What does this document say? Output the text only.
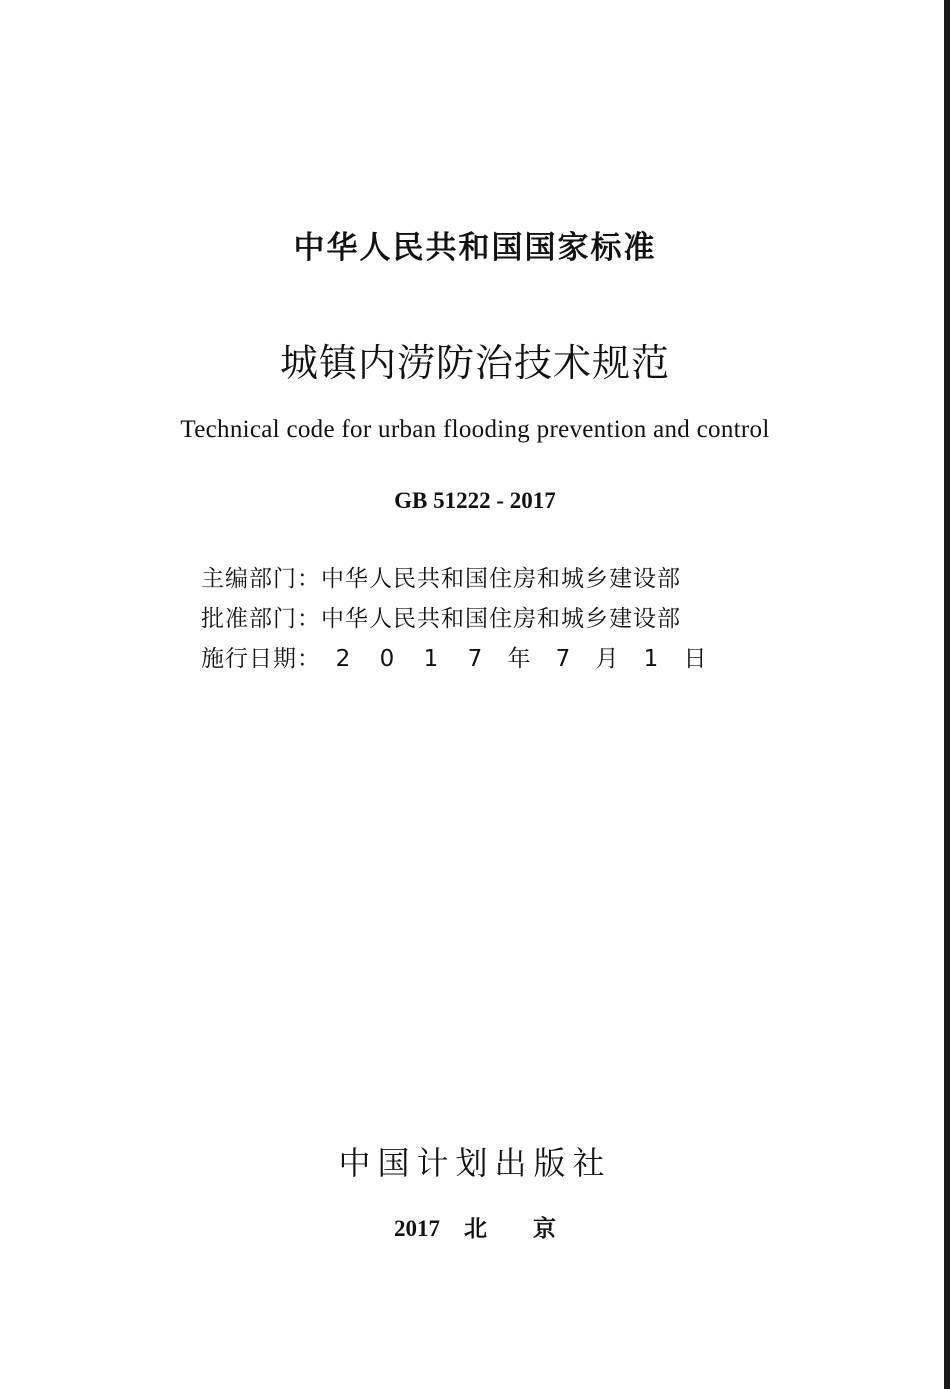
中华人民共和国国家标准
城镇内涝防治技术规范
Technical code for urban flooding prevention and control
GB 51222 - 2017
主编部门：中华人民共和国住房和城乡建设部
批准部门：中华人民共和国住房和城乡建设部
施行日期： 2 0 1 7 年 7 月 1 日
中国计划出版社
2017 北　　京
